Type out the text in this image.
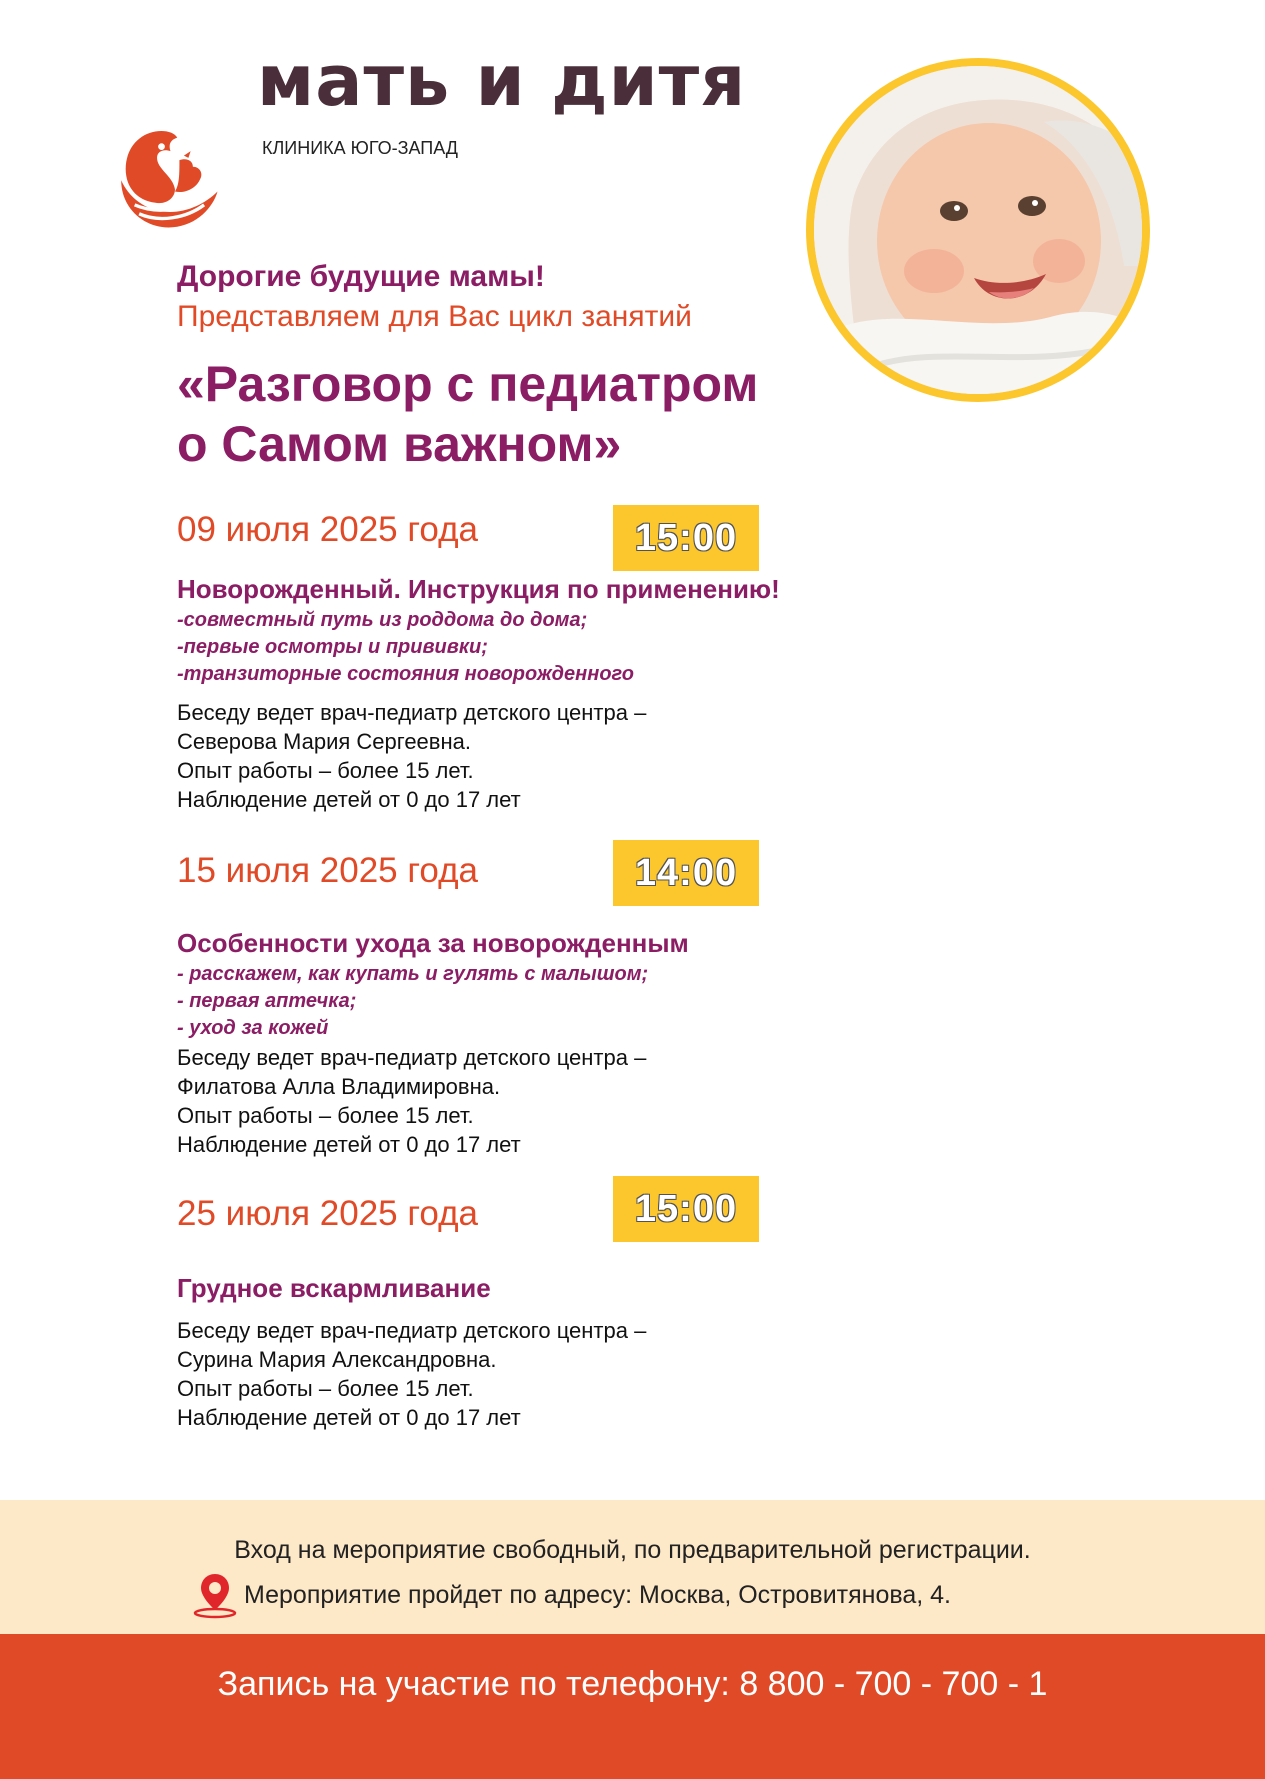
мать и дитя
КЛИНИКА ЮГО-ЗАПАД
Дорогие будущие мамы!
Представляем для Вас цикл занятий
«Разговор с педиатром
о Самом важном»
09 июля 2025 года	15:00
Новорожденный. Инструкция по применению!
-совместный путь из роддома до дома;
-первые осмотры и прививки;
-транзиторные состояния новорожденного
Беседу ведет врач-педиатр детского центра –
Северова Мария Сергеевна.
Опыт работы – более 15 лет.
Наблюдение детей от 0 до 17 лет
15 июля 2025 года	14:00
Особенности ухода за новорожденным
- расскажем, как купать и гулять с малышом;
- первая аптечка;
- уход за кожей
Беседу ведет врач-педиатр детского центра –
Филатова Алла Владимировна.
Опыт работы – более 15 лет.
Наблюдение детей от 0 до 17 лет
25 июля 2025 года	15:00
Грудное вскармливание
Беседу ведет врач-педиатр детского центра –
Сурина Мария Александровна.
Опыт работы – более 15 лет.
Наблюдение детей от 0 до 17 лет
Вход на мероприятие свободный, по предварительной регистрации.
Мероприятие пройдет по адресу: Москва, Островитянова, 4.
Запись на участие по телефону: 8 800 - 700 - 700 - 1
